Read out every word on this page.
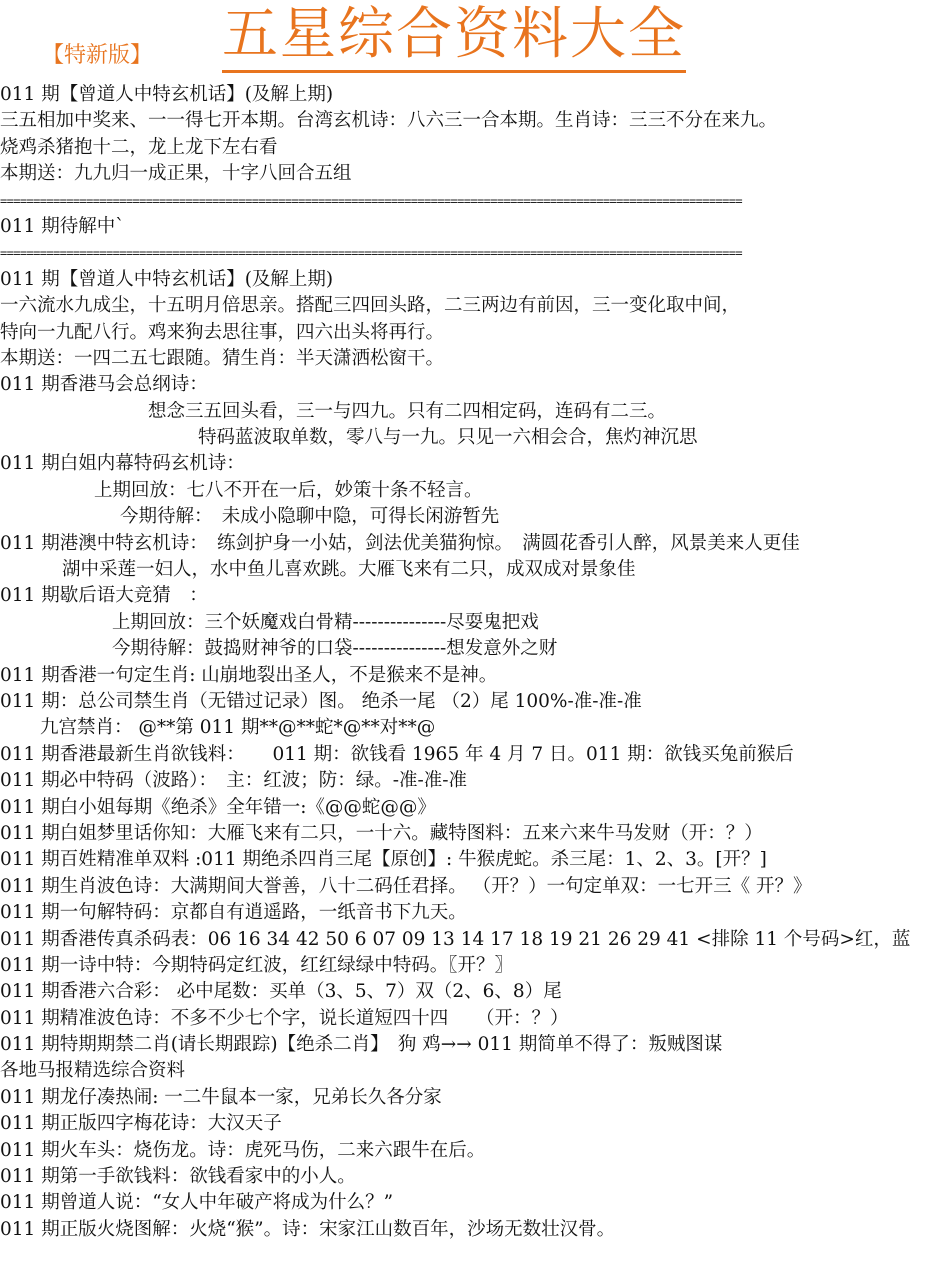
【特新版】 五星综合资料大全
011 期【曾道人中特玄机话】(及解上期)
三五相加中奖来、一一得七开本期。台湾玄机诗：八六三一合本期。生肖诗：三三不分在来九。
烧鸡杀猪抱十二，龙上龙下左右看
本期送：九九归一成正果，十字八回合五组
================================================================================================================
011 期待解中`
================================================================================================================
011 期【曾道人中特玄机话】(及解上期)
一六流水九成尘，十五明月倍思亲。搭配三四回头路，二三两边有前因，三一变化取中间，
特向一九配八行。鸡来狗去思往事，四六出头将再行。
本期送：一四二五七跟随。猜生肖：半天潇洒松窗干。
011 期香港马会总纲诗：
想念三五回头看，三一与四九。只有二四相定码，连码有二三。
特码蓝波取单数，零八与一九。只见一六相会合，焦灼神沉思
011 期白姐内幕特码玄机诗：
上期回放：七八不开在一后，妙策十条不轻言。
今期待解：　未成小隐聊中隐，可得长闲游暂先
011 期港澳中特玄机诗：　练剑护身一小姑，剑法优美猫狗惊。　满圆花香引人醉，风景美来人更佳
湖中采莲一妇人，水中鱼儿喜欢跳。大雁飞来有二只，成双成对景象佳
011 期歇后语大竞猜　：
上期回放：三个妖魔戏白骨精---------------尽耍鬼把戏
今期待解：鼓捣财神爷的口袋---------------想发意外之财
011 期香港一句定生肖: 山崩地裂出圣人，不是猴来不是神。
011 期：总公司禁生肖（无错过记录）图。 绝杀一尾 （2）尾 100%-准-准-准
九宫禁肖： @**第 011 期**@**蛇*@**对**@
011 期香港最新生肖欲钱料：　　011 期：欲钱看 1965 年 4 月 7 日。011 期：欲钱买兔前猴后
011 期必中特码（波路）：　主：红波；防：绿。-准-准-准
011 期白小姐每期《绝杀》全年错一:《@@蛇@@》
011 期白姐梦里话你知：大雁飞来有二只，一十六。藏特图料：五来六来牛马发财（开：？）
011 期百姓精准单双料 :011 期绝杀四肖三尾【原创】: 牛猴虎蛇。杀三尾：1、2、3。[开？]
011 期生肖波色诗：大满期间大誉善，八十二码任君择。 （开？）一句定单双：一七开三《 开？》
011 期一句解特码：京都自有逍遥路，一纸音书下九天。
011 期香港传真杀码表：06 16 34 42 50 6 07 09 13 14 17 18 19 21 26 29 41 <排除 11 个号码>红，蓝
011 期一诗中特：今期特码定红波，红红绿绿中特码。〖开？〗
011 期香港六合彩： 必中尾数：买单（3、5、7）双（2、6、8）尾
011 期精准波色诗：不多不少七个字，说长道短四十四　　（开：？）
011 期特期期禁二肖(请长期跟踪)【绝杀二肖】　狗 鸡→→ 011 期简单不得了：叛贼图谋
各地马报精选综合资料
011 期龙仔凑热闹: 一二牛鼠本一家，兄弟长久各分家
011 期正版四字梅花诗：大汉天子
011 期火车头：烧伤龙。诗：虎死马伤，二来六跟牛在后。
011 期第一手欲钱料：欲钱看家中的小人。
011 期曾道人说：“女人中年破产将成为什么？”
011 期正版火烧图解：火烧“猴”。诗：宋家江山数百年，沙场无数壮汉骨。
